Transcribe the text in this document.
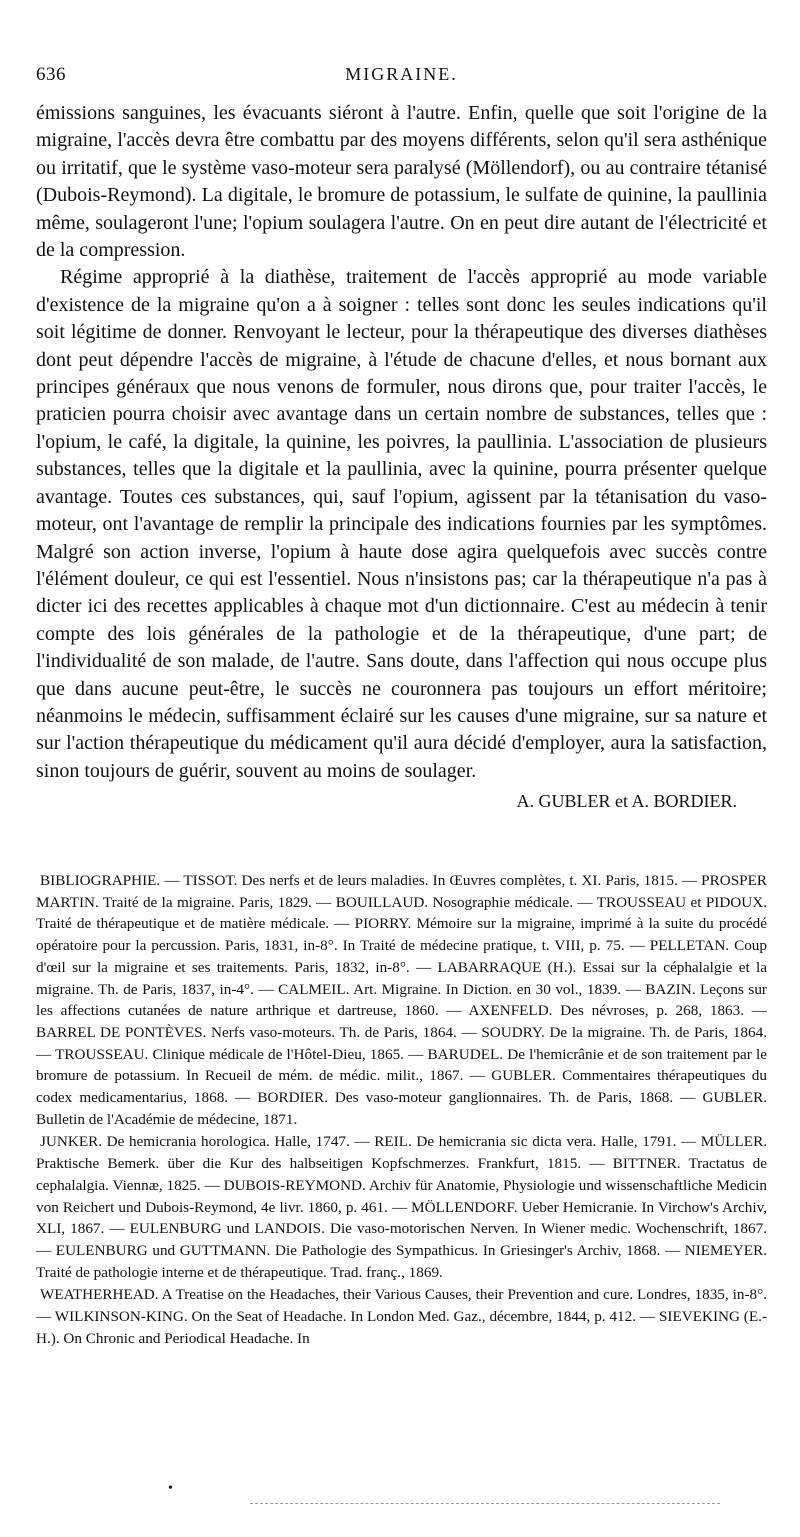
636	MIGRAINE.

émissions sanguines, les évacuants siéront à l'autre. Enfin, quelle que soit l'origine de la migraine, l'accès devra être combattu par des moyens différents, selon qu'il sera asthénique ou irritatif, que le système vaso-moteur sera paralysé (Möllendorf), ou au contraire tétanisé (Dubois-Reymond). La digitale, le bromure de potassium, le sulfate de quinine, la paullinia même, soulageront l'une; l'opium soulagera l'autre. On en peut dire autant de l'électricité et de la compression.

Régime approprié à la diathèse, traitement de l'accès approprié au mode variable d'existence de la migraine qu'on a à soigner : telles sont donc les seules indications qu'il soit légitime de donner. Renvoyant le lecteur, pour la thérapeutique des diverses diathèses dont peut dépendre l'accès de migraine, à l'étude de chacune d'elles, et nous bornant aux principes généraux que nous venons de formuler, nous dirons que, pour traiter l'accès, le praticien pourra choisir avec avantage dans un certain nombre de substances, telles que : l'opium, le café, la digitale, la quinine, les poivres, la paullinia. L'association de plusieurs substances, telles que la digitale et la paullinia, avec la quinine, pourra présenter quelque avantage. Toutes ces substances, qui, sauf l'opium, agissent par la tétanisation du vaso-moteur, ont l'avantage de remplir la principale des indications fournies par les symptômes. Malgré son action inverse, l'opium à haute dose agira quelquefois avec succès contre l'élément douleur, ce qui est l'essentiel. Nous n'insistons pas; car la thérapeutique n'a pas à dicter ici des recettes applicables à chaque mot d'un dictionnaire. C'est au médecin à tenir compte des lois générales de la pathologie et de la thérapeutique, d'une part; de l'individualité de son malade, de l'autre. Sans doute, dans l'affection qui nous occupe plus que dans aucune peut-être, le succès ne couronnera pas toujours un effort méritoire; néanmoins le médecin, suffisamment éclairé sur les causes d'une migraine, sur sa nature et sur l'action thérapeutique du médicament qu'il aura décidé d'employer, aura la satisfaction, sinon toujours de guérir, souvent au moins de soulager.

A. GUBLER et A. BORDIER.

BIBLIOGRAPHIE. — TISSOT. Des nerfs et de leurs maladies. In Œuvres complètes, t. XI. Paris, 1815. — PROSPER MARTIN. Traité de la migraine. Paris, 1829. — BOUILLAUD. Nosographie médicale. — TROUSSEAU et PIDOUX. Traité de thérapeutique et de matière médicale. — PIORRY. Mémoire sur la migraine, imprimé à la suite du procédé opératoire pour la percussion. Paris, 1831, in-8°. In Traité de médecine pratique, t. VIII, p. 75. — PELLETAN. Coup d'œil sur la migraine et ses traitements. Paris, 1832, in-8°. — LABARRAQUE (H.). Essai sur la céphalalgie et la migraine. Th. de Paris, 1837, in-4°. — CALMEIL. Art. Migraine. In Diction. en 30 vol., 1839. — BAZIN. Leçons sur les affections cutanées de nature arthrique et dartreuse, 1860. — AXENFELD. Des névroses, p. 268, 1863. — BARREL DE PONTÈVES. Nerfs vaso-moteurs. Th. de Paris, 1864. — SOUDRY. De la migraine. Th. de Paris, 1864. — TROUSSEAU. Clinique médicale de l'Hôtel-Dieu, 1865. — BARUDEL. De l'hemicrânie et de son traitement par le bromure de potassium. In Recueil de mém. de médic. milit., 1867. — GUBLER. Commentaires thérapeutiques du codex medicamentarius, 1868. — BORDIER. Des vaso-moteur ganglionnaires. Th. de Paris, 1868. — GUBLER. Bulletin de l'Académie de médecine, 1871.

JUNKER. De hemicrania horologica. Halle, 1747. — REIL. De hemicrania sic dicta vera. Halle, 1791. — MÜLLER. Praktische Bemerk. über die Kur des halbseitigen Kopfschmerzes. Frankfurt, 1815. — BITTNER. Tractatus de cephalalgia. Viennæ, 1825. — DUBOIS-REYMOND. Archiv für Anatomie, Physiologie und wissenschaftliche Medicin von Reichert und Dubois-Reymond, 4e livr. 1860, p. 461. — MÖLLENDORF. Ueber Hemicranie. In Virchow's Archiv, XLI, 1867. — EULENBURG und LANDOIS. Die vaso-motorischen Nerven. In Wiener medic. Wochenschrift, 1867. — EULENBURG und GUTTMANN. Die Pathologie des Sympathicus. In Griesinger's Archiv, 1868. — NIEMEYER. Traité de pathologie interne et de thérapeutique. Trad. franç., 1869.

WEATHERHEAD. A Treatise on the Headaches, their Various Causes, their Prevention and cure. Londres, 1835, in-8°. — WILKINSON-KING. On the Seat of Headache. In London Med. Gaz., décembre, 1844, p. 412. — SIEVEKING (E.-H.). On Chronic and Periodical Headache. In

•
